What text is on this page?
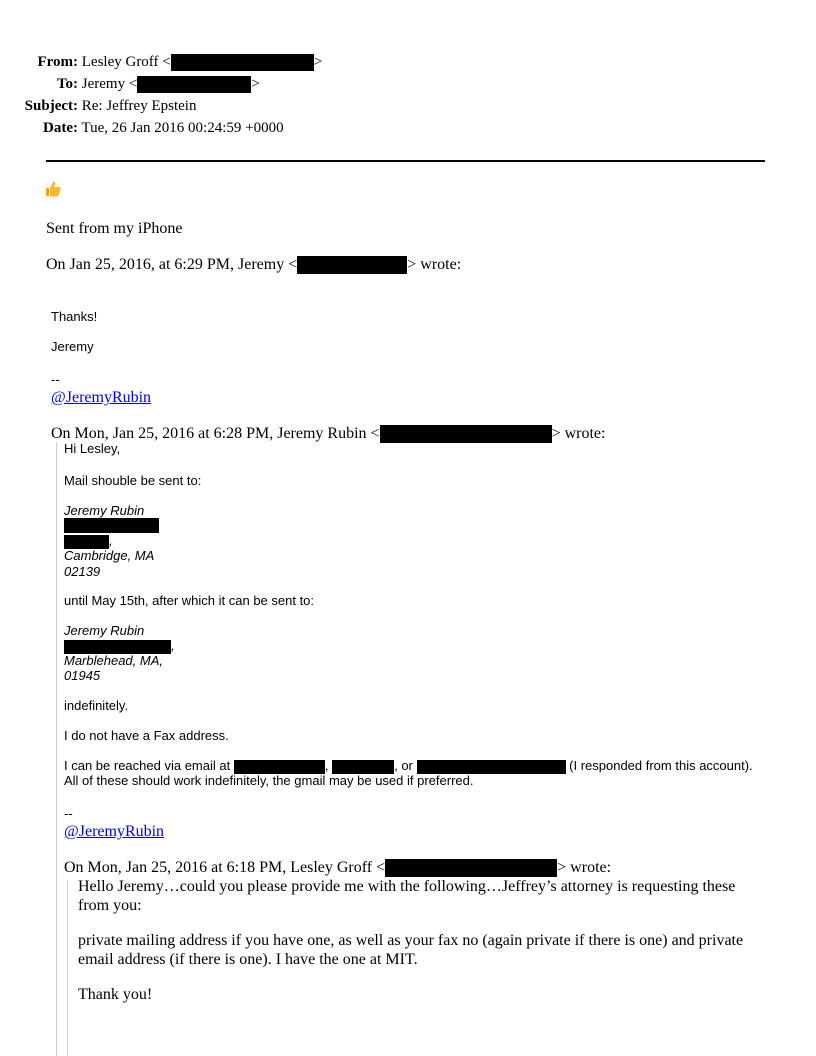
From: Lesley Groff <	>
To: Jeremy <	>
Subject: Re: Jeffrey Epstein
Date: Tue, 26 Jan 2016 00:24:59 +0000
Sent from my iPhone
On Jan 25, 2016, at 6:29 PM, Jeremy <	> wrote:
Thanks!
Jeremy
--
@JeremyRubin
On Mon, Jan 25, 2016 at 6:28 PM, Jeremy Rubin <	> wrote:
Hi Lesley,
Mail shouble be sent to:
Jeremy Rubin
,
Cambridge, MA
02139
until May 15th, after which it can be sent to:
Jeremy Rubin
,
Marblehead, MA,
01945
indefinitely.
I do not have a Fax address.
I can be reached via email at	,	, or	(I responded from this account).
All of these should work indefinitely, the gmail may be used if preferred.
--
@JeremyRubin
On Mon, Jan 25, 2016 at 6:18 PM, Lesley Groff <	> wrote:
Hello Jeremy…could you please provide me with the following…Jeffrey’s attorney is requesting these
from you:
private mailing address if you have one, as well as your fax no (again private if there is one) and private
email address (if there is one). I have the one at MIT.
Thank you!
